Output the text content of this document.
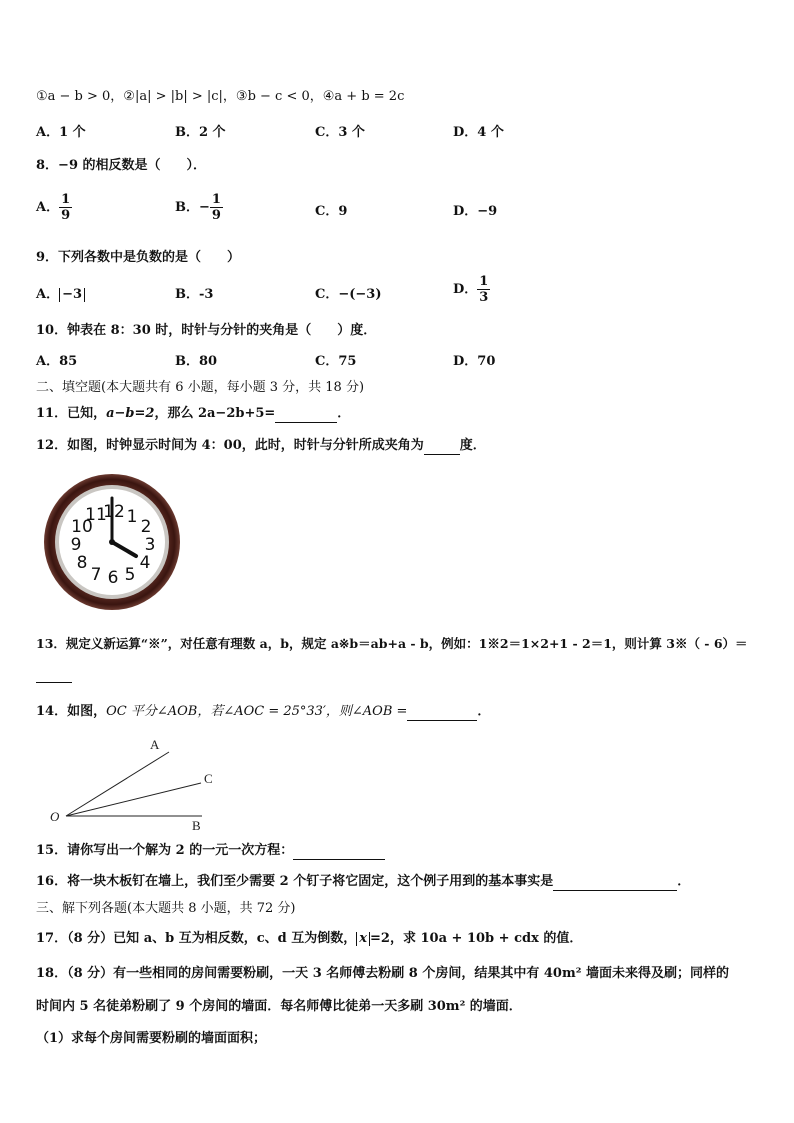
①a − b > 0，②|a| > |b| > |c|，③b − c < 0，④a + b = 2c
A．1 个	B．2 个	C．3 个	D．4 个
8．−9 的相反数是（　　）．
A． $\frac{1}{9}$	B．− $\frac{1}{9}$	C．9	D．−9
9．下列各数中是负数的是（　　）
A． −3	B．-3	C．−(−3)	D． $\frac{1}{3}$
10．钟表在 8：30 时，时针与分针的夹角是（　　）度．
A．85	B．80	C．75	D．70
二、填空题(本大题共有 6 小题，每小题 3 分，共 18 分)
11．已知，a−b=2，那么 2a−2b+5=	．
12．如图，时钟显示时间为 4：00，此时，时针与分针所成夹角为	度．
12 1 2
3
4
5
6
7
8
9
10
11
13．规定义新运算“※”，对任意有理数 a，b，规定 a※b＝ab+a - b，例如：1※2＝1×2+1 - 2＝1，则计算 3※（ - 6）＝
14．如图，OC 平分∠AOB，若∠AOC = 25°33′，则∠AOB =	．
A
C
B
O
15．请你写出一个解为 2 的一元一次方程：
16．将一块木板钉在墙上，我们至少需要 2 个钉子将它固定，这个例子用到的基本事实是	．
三、解下列各题(本大题共 8 小题，共 72 分)
17．（8 分）已知 a、b 互为相反数，c、d 互为倒数， x =2，求 10a + 10b + cdx 的值．
18．（8 分）有一些相同的房间需要粉刷，一天 3 名师傅去粉刷 8 个房间，结果其中有 40m² 墙面未来得及刷；同样的
时间内 5 名徒弟粉刷了 9 个房间的墙面．每名师傅比徒弟一天多刷 30m² 的墙面．
（1）求每个房间需要粉刷的墙面面积；
